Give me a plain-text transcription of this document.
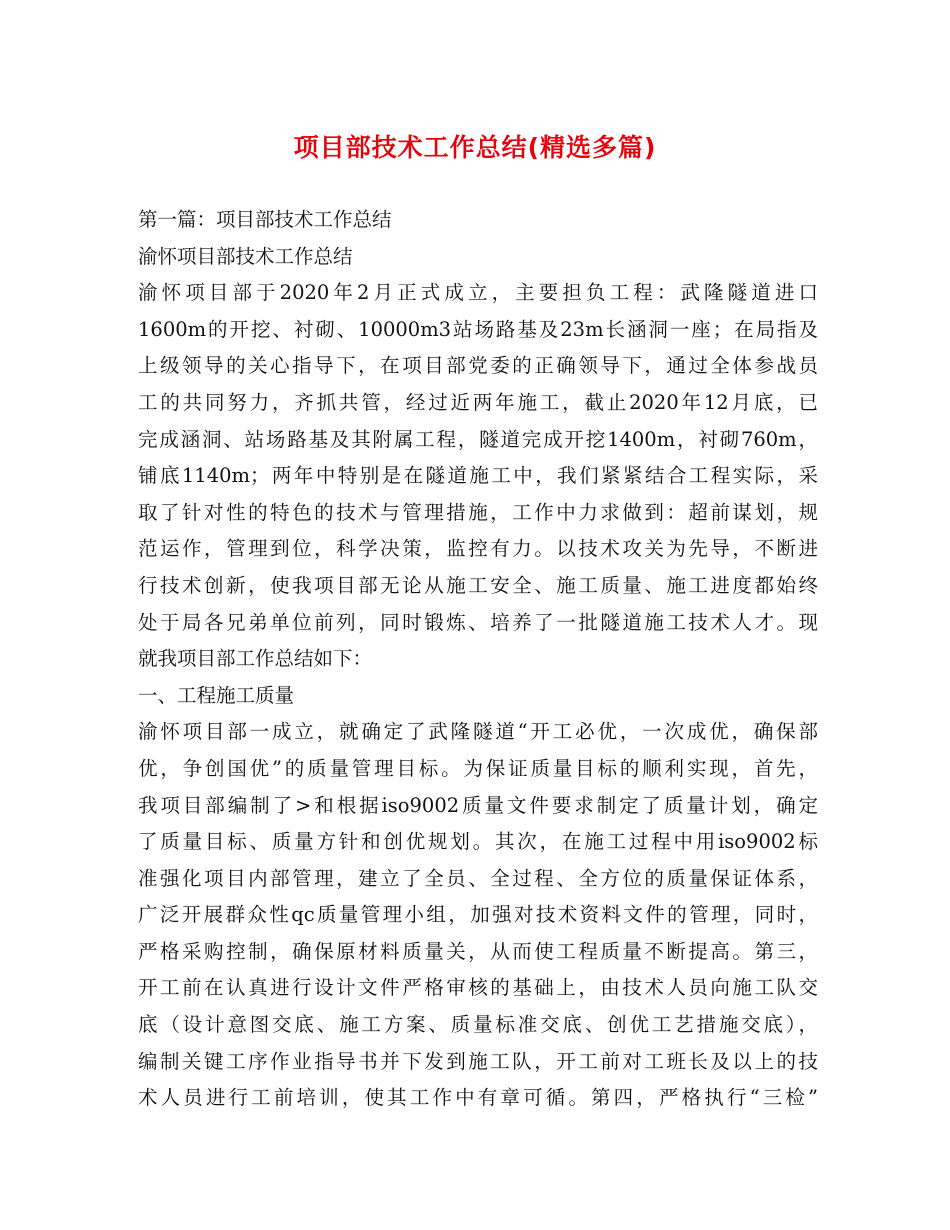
项目部技术工作总结(精选多篇)
第一篇：项目部技术工作总结
渝怀项目部技术工作总结
渝怀项目部于2020年2月正式成立，主要担负工程：武隆隧道进口
1600m的开挖、衬砌、10000m3站场路基及23m长涵洞一座；在局指及
上级领导的关心指导下，在项目部党委的正确领导下，通过全体参战员
工的共同努力，齐抓共管，经过近两年施工，截止2020年12月底，已
完成涵洞、站场路基及其附属工程，隧道完成开挖1400m，衬砌760m，
铺底1140m；两年中特别是在隧道施工中，我们紧紧结合工程实际，采
取了针对性的特色的技术与管理措施，工作中力求做到：超前谋划，规
范运作，管理到位，科学决策，监控有力。以技术攻关为先导，不断进
行技术创新，使我项目部无论从施工安全、施工质量、施工进度都始终
处于局各兄弟单位前列，同时锻炼、培养了一批隧道施工技术人才。现
就我项目部工作总结如下：
一、工程施工质量
渝怀项目部一成立，就确定了武隆隧道“开工必优，一次成优，确保部
优，争创国优”的质量管理目标。为保证质量目标的顺利实现，首先，
我项目部编制了>和根据iso9002质量文件要求制定了质量计划，确定
了质量目标、质量方针和创优规划。其次，在施工过程中用iso9002标
准强化项目内部管理，建立了全员、全过程、全方位的质量保证体系，
广泛开展群众性qc质量管理小组，加强对技术资料文件的管理，同时，
严格采购控制，确保原材料质量关，从而使工程质量不断提高。第三，
开工前在认真进行设计文件严格审核的基础上，由技术人员向施工队交
底（设计意图交底、施工方案、质量标准交底、创优工艺措施交底），
编制关键工序作业指导书并下发到施工队，开工前对工班长及以上的技
术人员进行工前培训，使其工作中有章可循。第四，严格执行“三检”
